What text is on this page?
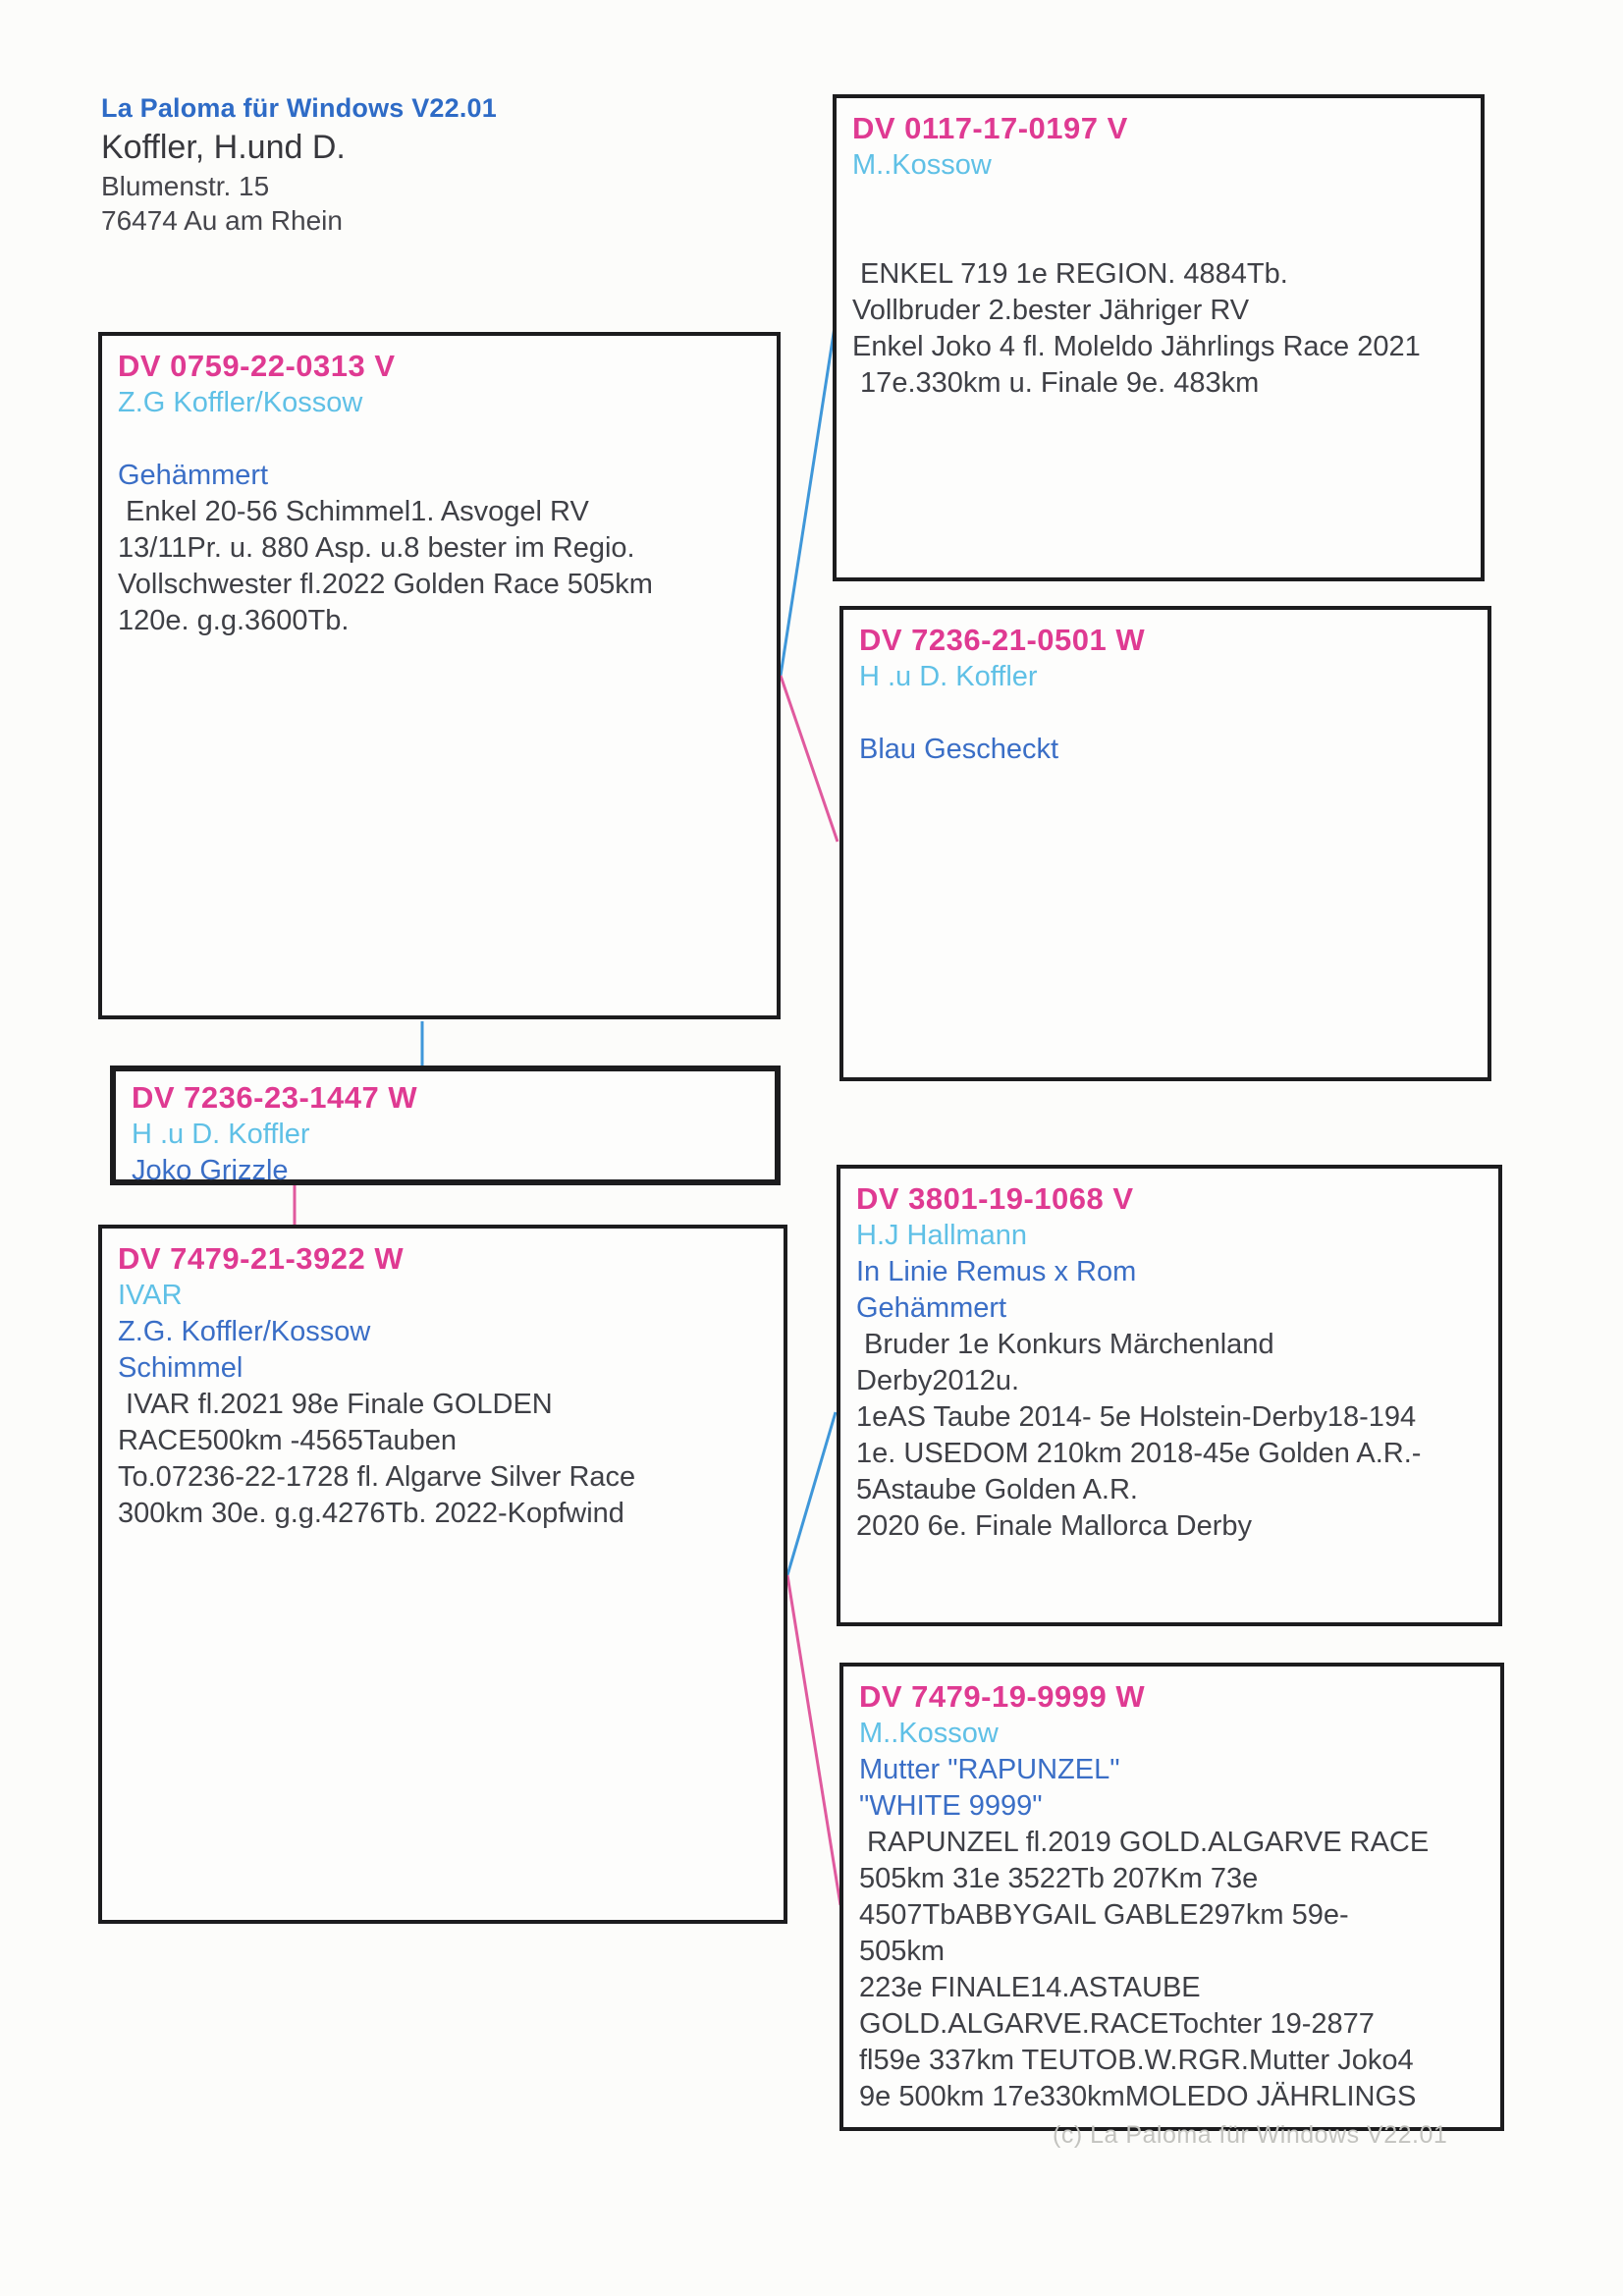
La Paloma für Windows V22.01
Koffler, H.und D.
Blumenstr. 15
76474 Au am Rhein
DV 0759-22-0313 V
Z.G Koffler/Kossow

Gehämmert
Enkel 20-56 Schimmel1. Asvogel RV
13/11Pr. u. 880 Asp. u.8 bester im Regio.
Vollschwester fl.2022 Golden Race 505km
120e. g.g.3600Tb.
DV 7236-23-1447 W
H .u D. Koffler
Joko Grizzle
DV 7479-21-3922 W
IVAR
Z.G. Koffler/Kossow
Schimmel
IVAR fl.2021 98e Finale GOLDEN
RACE500km -4565Tauben
To.07236-22-1728 fl. Algarve Silver Race
300km 30e. g.g.4276Tb. 2022-Kopfwind
DV 0117-17-0197 V
M..Kossow

ENKEL 719 1e REGION. 4884Tb.
Vollbruder 2.bester Jähriger RV
Enkel Joko 4 fl. Moleldo Jährlings Race 2021
17e.330km u. Finale 9e. 483km
DV 7236-21-0501 W
H .u D. Koffler

Blau Gescheckt
DV 3801-19-1068 V
H.J Hallmann
In Linie Remus x Rom
Gehämmert
Bruder 1e Konkurs Märchenland
Derby2012u.
1eAS Taube 2014- 5e Holstein-Derby18-194
1e. USEDOM 210km 2018-45e Golden A.R.-
5Astaube Golden A.R.
2020 6e. Finale Mallorca Derby
DV 7479-19-9999 W
M..Kossow
Mutter "RAPUNZEL"
"WHITE 9999"
RAPUNZEL fl.2019 GOLD.ALGARVE RACE
505km 31e 3522Tb 207Km 73e
4507TbABBYGAIL GABLE297km 59e-
505km
223e FINALE14.ASTAUBE
GOLD.ALGARVE.RACETochter 19-2877
fl59e 337km TEUTOB.W.RGR.Mutter Joko4
9e 500km 17e330kmMOLEDO JÄHRLINGS
(c) La Paloma für Windows V22.01
